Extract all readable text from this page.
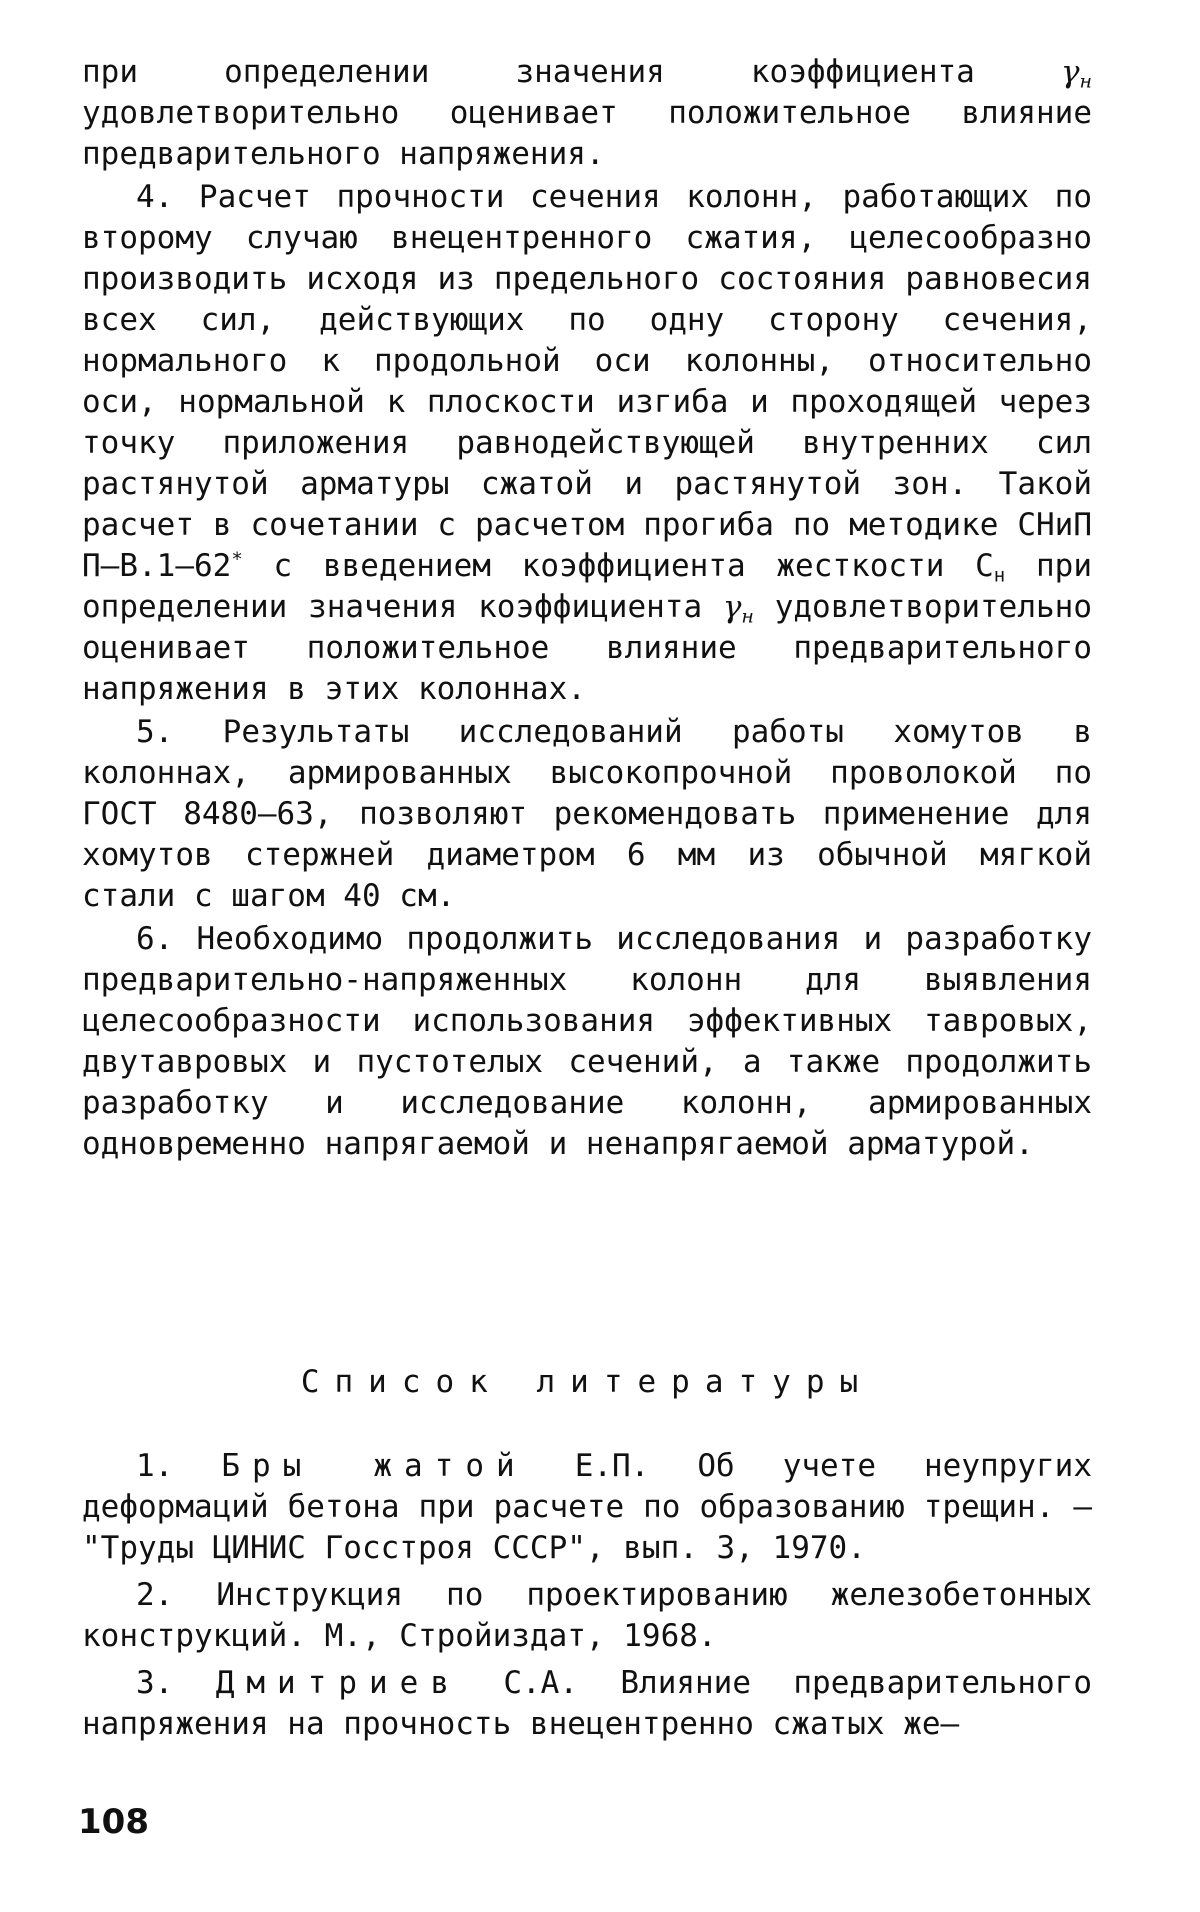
при определении значения коэффициента	$\gamma_н$ удовлетворительно оценивает положительное влияние предварительного напряжения.

4. Расчет прочности сечения колонн, работающих по второму случаю внецентренного сжатия, целесообразно производить исходя из предельного состояния равновесия всех сил, действующих по одну сторону сечения, нормального к продольной оси колонны, относительно оси, нормальной к плоскости изгиба и проходящей через точку приложения равнодействующей внутренних сил растянутой арматуры сжатой и растянутой зон. Такой расчет в сочетании с расчетом прогиба по методике СНиП П–В.1–62* с введением коэффициента жесткости $С_н$ при определении значения коэффициента $\gamma_н$ удовлетворительно оценивает положительное влияние предварительного напряжения в этих колоннах.

5. Результаты исследований работы хомутов в колоннах, армированных высокопрочной проволокой по ГОСТ 8480–63, позволяют рекомендовать применение для хомутов стержней диаметром 6 мм из обычной мягкой стали с шагом 40 см.

6. Необходимо продолжить исследования и разработку предварительно-напряженных колонн для выявления целесообразности использования эффективных тавровых, двутавровых и пустотелых сечений, а также продолжить разработку и исследование колонн, армированных одновременно напрягаемой и ненапрягаемой арматурой.

Список литературы

1. Бры жатой Е.П. Об учете неупругих деформаций бетона при расчете по образованию трещин. – "Труды ЦИНИС Госстроя СССР", вып. 3, 1970.

2. Инструкция по проектированию железобетонных конструкций. М., Стройиздат, 1968.

3. Дмитриев С.А. Влияние предварительного напряжения на прочность внецентренно сжатых же–

108
